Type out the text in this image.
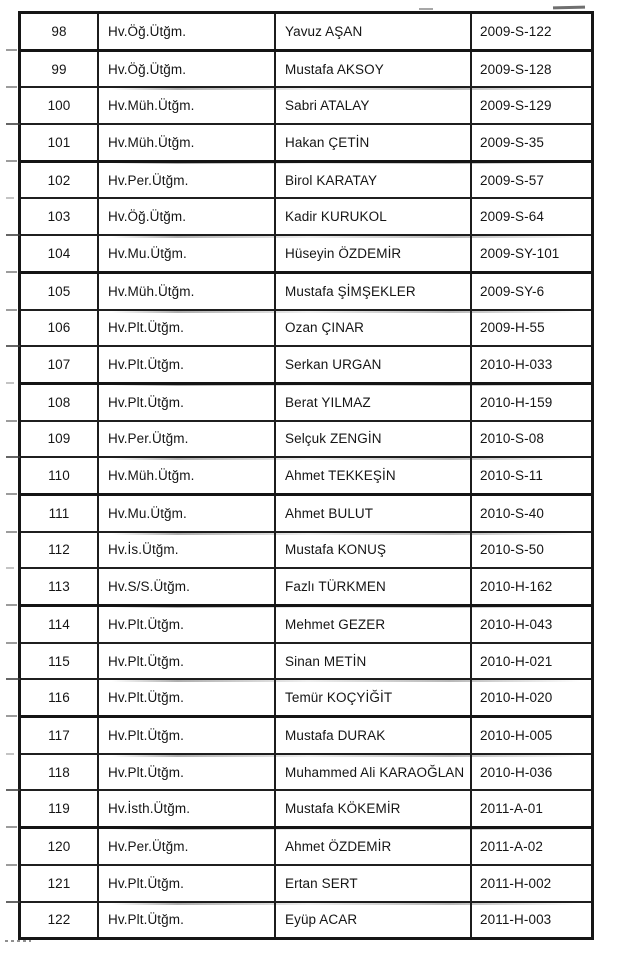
98	Hv.Öğ.Ütğm.	Yavuz AŞAN	2009-S-122
99	Hv.Öğ.Ütğm.	Mustafa AKSOY	2009-S-128
100	Hv.Müh.Ütğm.	Sabri ATALAY	2009-S-129
101	Hv.Müh.Ütğm.	Hakan ÇETİN	2009-S-35
102	Hv.Per.Ütğm.	Birol KARATAY	2009-S-57
103	Hv.Öğ.Ütğm.	Kadir KURUKOL	2009-S-64
104	Hv.Mu.Ütğm.	Hüseyin ÖZDEMİR	2009-SY-101
105	Hv.Müh.Ütğm.	Mustafa ŞİMŞEKLER	2009-SY-6
106	Hv.Plt.Ütğm.	Ozan ÇINAR	2009-H-55
107	Hv.Plt.Ütğm.	Serkan URGAN	2010-H-033
108	Hv.Plt.Ütğm.	Berat YILMAZ	2010-H-159
109	Hv.Per.Ütğm.	Selçuk ZENGİN	2010-S-08
110	Hv.Müh.Ütğm.	Ahmet TEKKEŞİN	2010-S-11
111	Hv.Mu.Ütğm.	Ahmet BULUT	2010-S-40
112	Hv.İs.Ütğm.	Mustafa KONUŞ	2010-S-50
113	Hv.S/S.Ütğm.	Fazlı TÜRKMEN	2010-H-162
114	Hv.Plt.Ütğm.	Mehmet GEZER	2010-H-043
115	Hv.Plt.Ütğm.	Sinan METİN	2010-H-021
116	Hv.Plt.Ütğm.	Temür KOÇYİĞİT	2010-H-020
117	Hv.Plt.Ütğm.	Mustafa DURAK	2010-H-005
118	Hv.Plt.Ütğm.	Muhammed Ali KARAOĞLAN	2010-H-036
119	Hv.İsth.Ütğm.	Mustafa KÖKEMİR	2011-A-01
120	Hv.Per.Ütğm.	Ahmet ÖZDEMİR	2011-A-02
121	Hv.Plt.Ütğm.	Ertan SERT	2011-H-002
122	Hv.Plt.Ütğm.	Eyüp ACAR	2011-H-003
